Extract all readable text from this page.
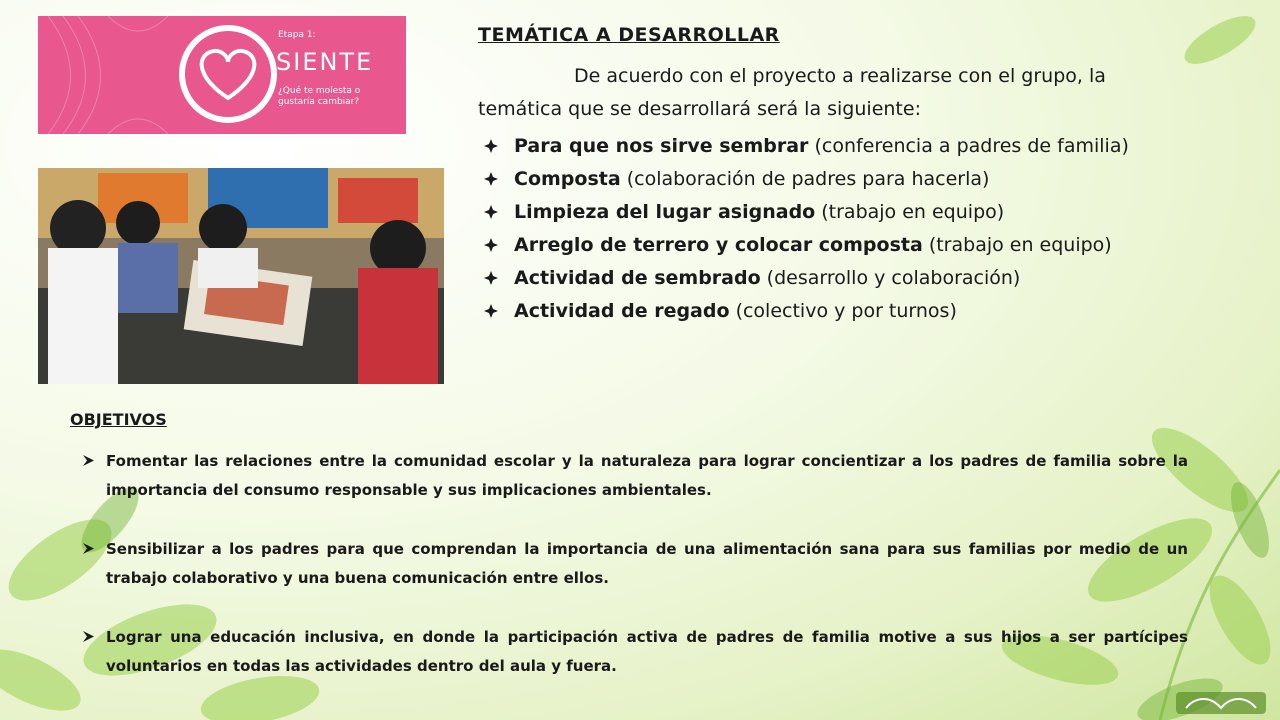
Etapa 1:
SIENTE
¿Qué te molesta o gustaría cambiar?
TEMÁTICA A DESARROLLAR

De acuerdo con el proyecto a realizarse con el grupo, la temática que se desarrollará será la siguiente:

Para que nos sirve sembrar (conferencia a padres de familia)
Composta (colaboración de padres para hacerla)
Limpieza del lugar asignado (trabajo en equipo)
Arreglo de terrero y colocar composta (trabajo en equipo)
Actividad de sembrado (desarrollo y colaboración)
Actividad de regado (colectivo y por turnos)
OBJETIVOS
Fomentar las relaciones entre la comunidad escolar y la naturaleza para lograr concientizar a los padres de familia sobre la importancia del consumo responsable y sus implicaciones ambientales.
Sensibilizar a los padres para que comprendan la importancia de una alimentación sana para sus familias por medio de un trabajo colaborativo y una buena comunicación entre ellos.
Lograr una educación inclusiva, en donde la participación activa de padres de familia motive a sus hijos a ser partícipes voluntarios en todas las actividades dentro del aula y fuera.
